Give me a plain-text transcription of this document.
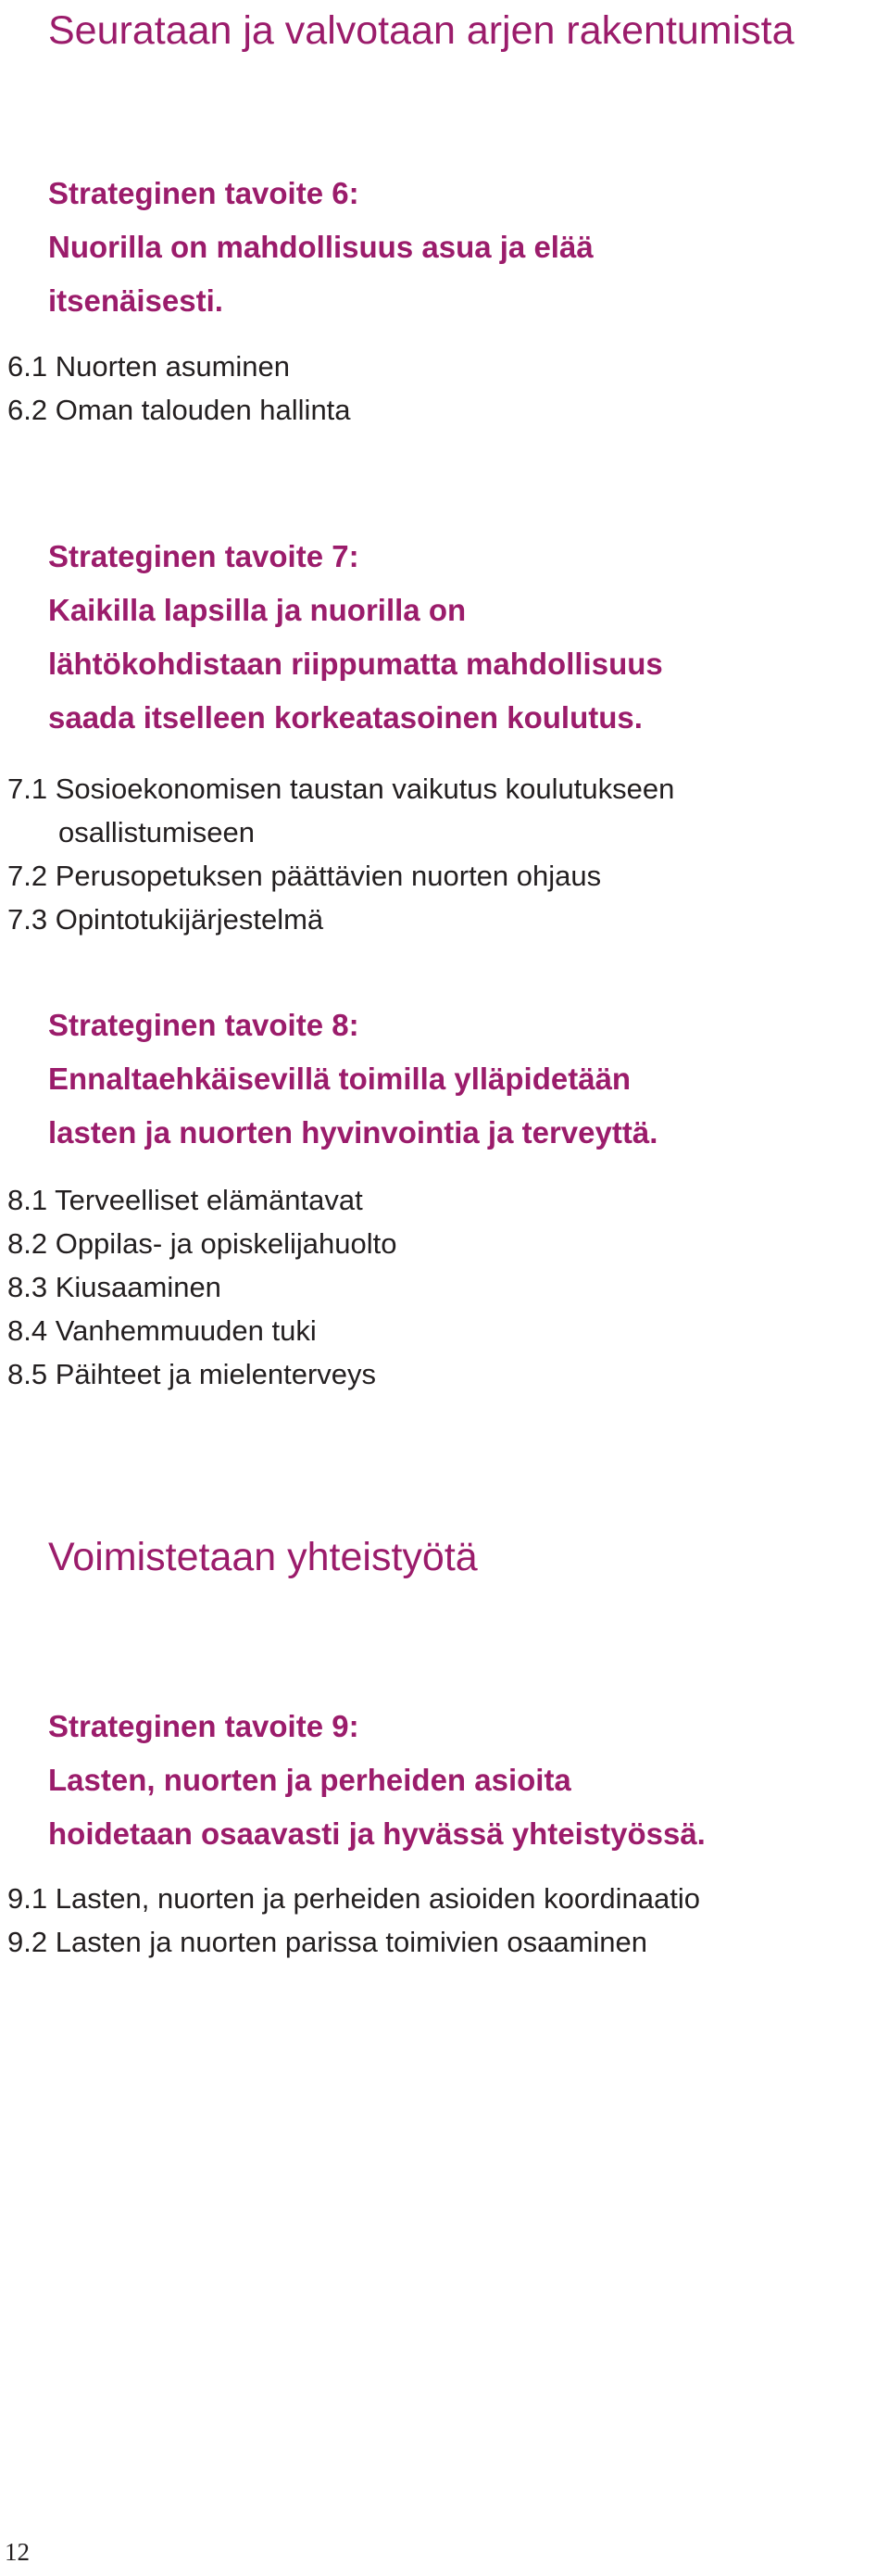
Seurataan ja valvotaan arjen rakentumista
Strateginen tavoite 6:
Nuorilla on mahdollisuus asua ja elää
itsenäisesti.
6.1 Nuorten asuminen
6.2 Oman talouden hallinta
Strateginen tavoite 7:
Kaikilla lapsilla ja nuorilla on
lähtökohdistaan riippumatta mahdollisuus
saada itselleen korkeatasoinen koulutus.
7.1 Sosioekonomisen taustan vaikutus koulutukseen
osallistumiseen
7.2 Perusopetuksen päättävien nuorten ohjaus
7.3 Opintotukijärjestelmä
Strateginen tavoite 8:
Ennaltaehkäisevillä toimilla ylläpidetään
lasten ja nuorten hyvinvointia ja terveyttä.
8.1 Terveelliset elämäntavat
8.2 Oppilas- ja opiskelijahuolto
8.3 Kiusaaminen
8.4 Vanhemmuuden tuki
8.5 Päihteet ja mielenterveys
Voimistetaan yhteistyötä
Strateginen tavoite 9:
Lasten, nuorten ja perheiden asioita
hoidetaan osaavasti ja hyvässä yhteistyössä.
9.1 Lasten, nuorten ja perheiden asioiden koordinaatio
9.2 Lasten ja nuorten parissa toimivien osaaminen
12
